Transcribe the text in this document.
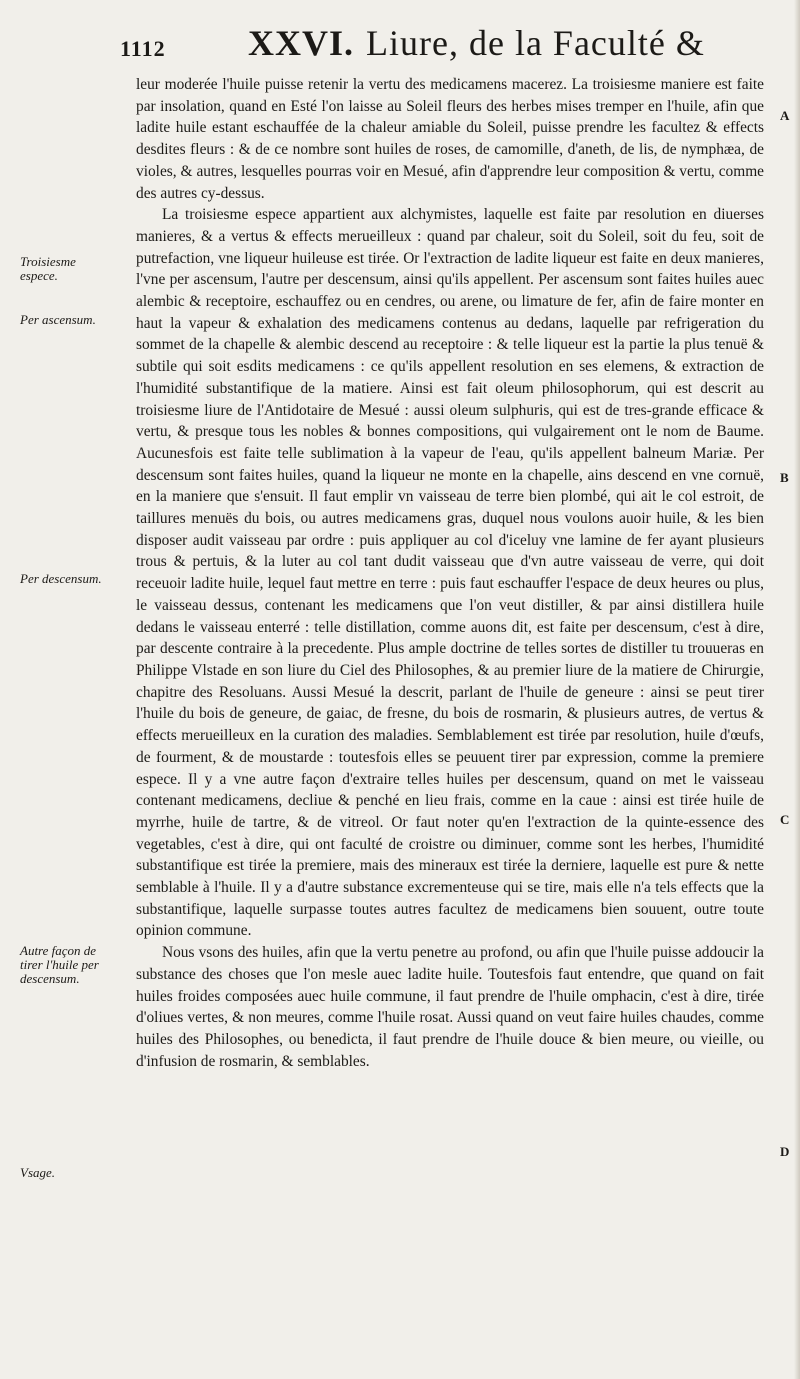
1112 XXVI. Liure, de la Faculté &
Troisiesme espece.
Per ascensum.
Per descensum.
Autre façon de tirer l'huile per descensum.
Vsage.
A
B
C
D

leur moderée l'huile puisse retenir la vertu des medicamens macerez. La troisiesme maniere est faite par insolation, quand en Esté l'on laisse au Soleil fleurs des herbes mises tremper en l'huile, afin que ladite huile estant eschauffée de la chaleur amiable du Soleil, puisse prendre les facultez & effects desdites fleurs : & de ce nombre sont huiles de roses, de camomille, d'aneth, de lis, de nymphæa, de violes, & autres, lesquelles pourras voir en Mesué, afin d'apprendre leur composition & vertu, comme des autres cy-dessus.

La troisiesme espece appartient aux alchymistes, laquelle est faite par resolution en diuerses manieres, & a vertus & effects merueilleux : quand par chaleur, soit du Soleil, soit du feu, soit de putrefaction, vne liqueur huileuse est tirée. Or l'extraction de ladite liqueur est faite en deux manieres, l'vne per ascensum, l'autre per descensum, ainsi qu'ils appellent. Per ascensum sont faites huiles auec alembic & receptoire, eschauffez ou en cendres, ou arene, ou limature de fer, afin de faire monter en haut la vapeur & exhalation des medicamens contenus au dedans, laquelle par refrigeration du sommet de la chapelle & alembic descend au receptoire : & telle liqueur est la partie la plus tenuë & subtile qui soit esdits medicamens : ce qu'ils appellent resolution en ses elemens, & extraction de l'humidité substantifique de la matiere. Ainsi est fait oleum philosophorum, qui est descrit au troisiesme liure de l'Antidotaire de Mesué : aussi oleum sulphuris, qui est de tres-grande efficace & vertu, & presque tous les nobles & bonnes compositions, qui vulgairement ont le nom de Baume. Aucunesfois est faite telle sublimation à la vapeur de l'eau, qu'ils appellent balneum Mariæ. Per descensum sont faites huiles, quand la liqueur ne monte en la chapelle, ains descend en vne cornuë, en la maniere que s'ensuit. Il faut emplir vn vaisseau de terre bien plombé, qui ait le col estroit, de taillures menuës du bois, ou autres medicamens gras, duquel nous voulons auoir huile, & les bien disposer audit vaisseau par ordre : puis appliquer au col d'iceluy vne lamine de fer ayant plusieurs trous & pertuis, & la luter au col tant dudit vaisseau que d'vn autre vaisseau de verre, qui doit receuoir ladite huile, lequel faut mettre en terre : puis faut eschauffer l'espace de deux heures ou plus, le vaisseau dessus, contenant les medicamens que l'on veut distiller, & par ainsi distillera huile dedans le vaisseau enterré : telle distillation, comme auons dit, est faite per descensum, c'est à dire, par descente contraire à la precedente. Plus ample doctrine de telles sortes de distiller tu trouueras en Philippe Vlstade en son liure du Ciel des Philosophes, & au premier liure de la matiere de Chirurgie, chapitre des Resoluans. Aussi Mesué la descrit, parlant de l'huile de geneure : ainsi se peut tirer l'huile du bois de geneure, de gaiac, de fresne, du bois de rosmarin, & plusieurs autres, de vertus & effects merueilleux en la curation des maladies. Semblablement est tirée par resolution, huile d'œufs, de fourment, & de moustarde : toutesfois elles se peuuent tirer par expression, comme la premiere espece. Il y a vne autre façon d'extraire telles huiles per descensum, quand on met le vaisseau contenant medicamens, decliue & penché en lieu frais, comme en la caue : ainsi est tirée huile de myrrhe, huile de tartre, & de vitreol. Or faut noter qu'en l'extraction de la quinte-essence des vegetables, c'est à dire, qui ont faculté de croistre ou diminuer, comme sont les herbes, l'humidité substantifique est tirée la premiere, mais des mineraux est tirée la derniere, laquelle est pure & nette semblable à l'huile. Il y a d'autre substance excrementeuse qui se tire, mais elle n'a tels effects que la substantifique, laquelle surpasse toutes autres facultez de medicamens bien souuent, outre toute opinion commune.

Nous vsons des huiles, afin que la vertu penetre au profond, ou afin que l'huile puisse addoucir la substance des choses que l'on mesle auec ladite huile. Toutesfois faut entendre, que quand on fait huiles froides composées auec huile commune, il faut prendre de l'huile omphacin, c'est à dire, tirée d'oliues vertes, & non meures, comme l'huile rosat. Aussi quand on veut faire huiles chaudes, comme huiles des Philosophes, ou benedicta, il faut prendre de l'huile douce & bien meure, ou vieille, ou d'infusion de rosmarin, & semblables.
